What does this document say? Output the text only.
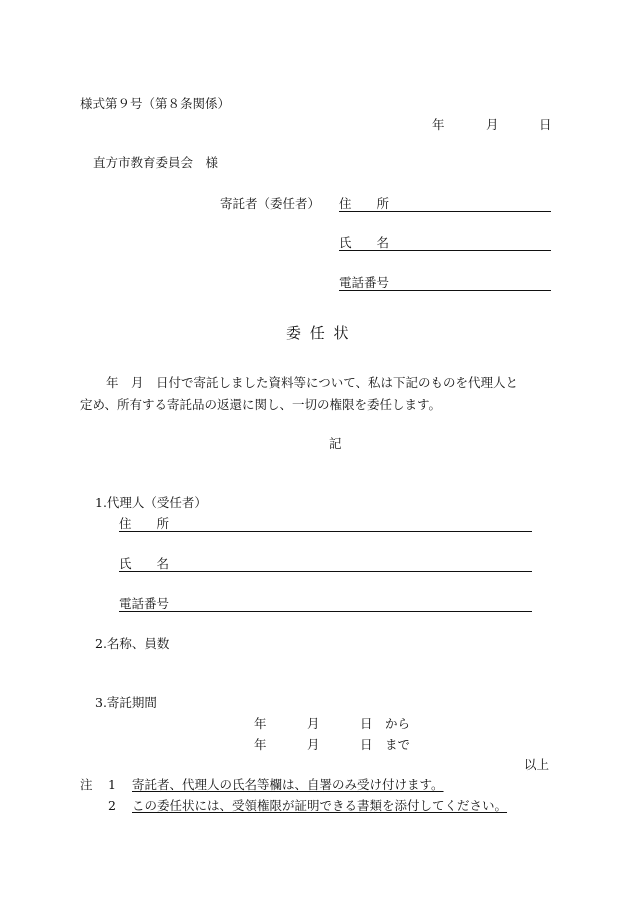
様式第９号（第８条関係）
年	月	日
直方市教育委員会　様
寄託者（委任者） 住　　所
氏　　名
電話番号
委 任 状
年　月　日付で寄託しました資料等について、私は下記のものを代理人と
定め、所有する寄託品の返還に関し、一切の権限を委任します。
記
1.代理人（受任者）
住　　所
氏　　名
電話番号
2.名称、員数
3.寄託期間
年	月	日 から
年	月	日 まで
以上
注 1 寄託者、代理人の氏名等欄は、自署のみ受け付けます。
2 この委任状には、受領権限が証明できる書類を添付してください。
